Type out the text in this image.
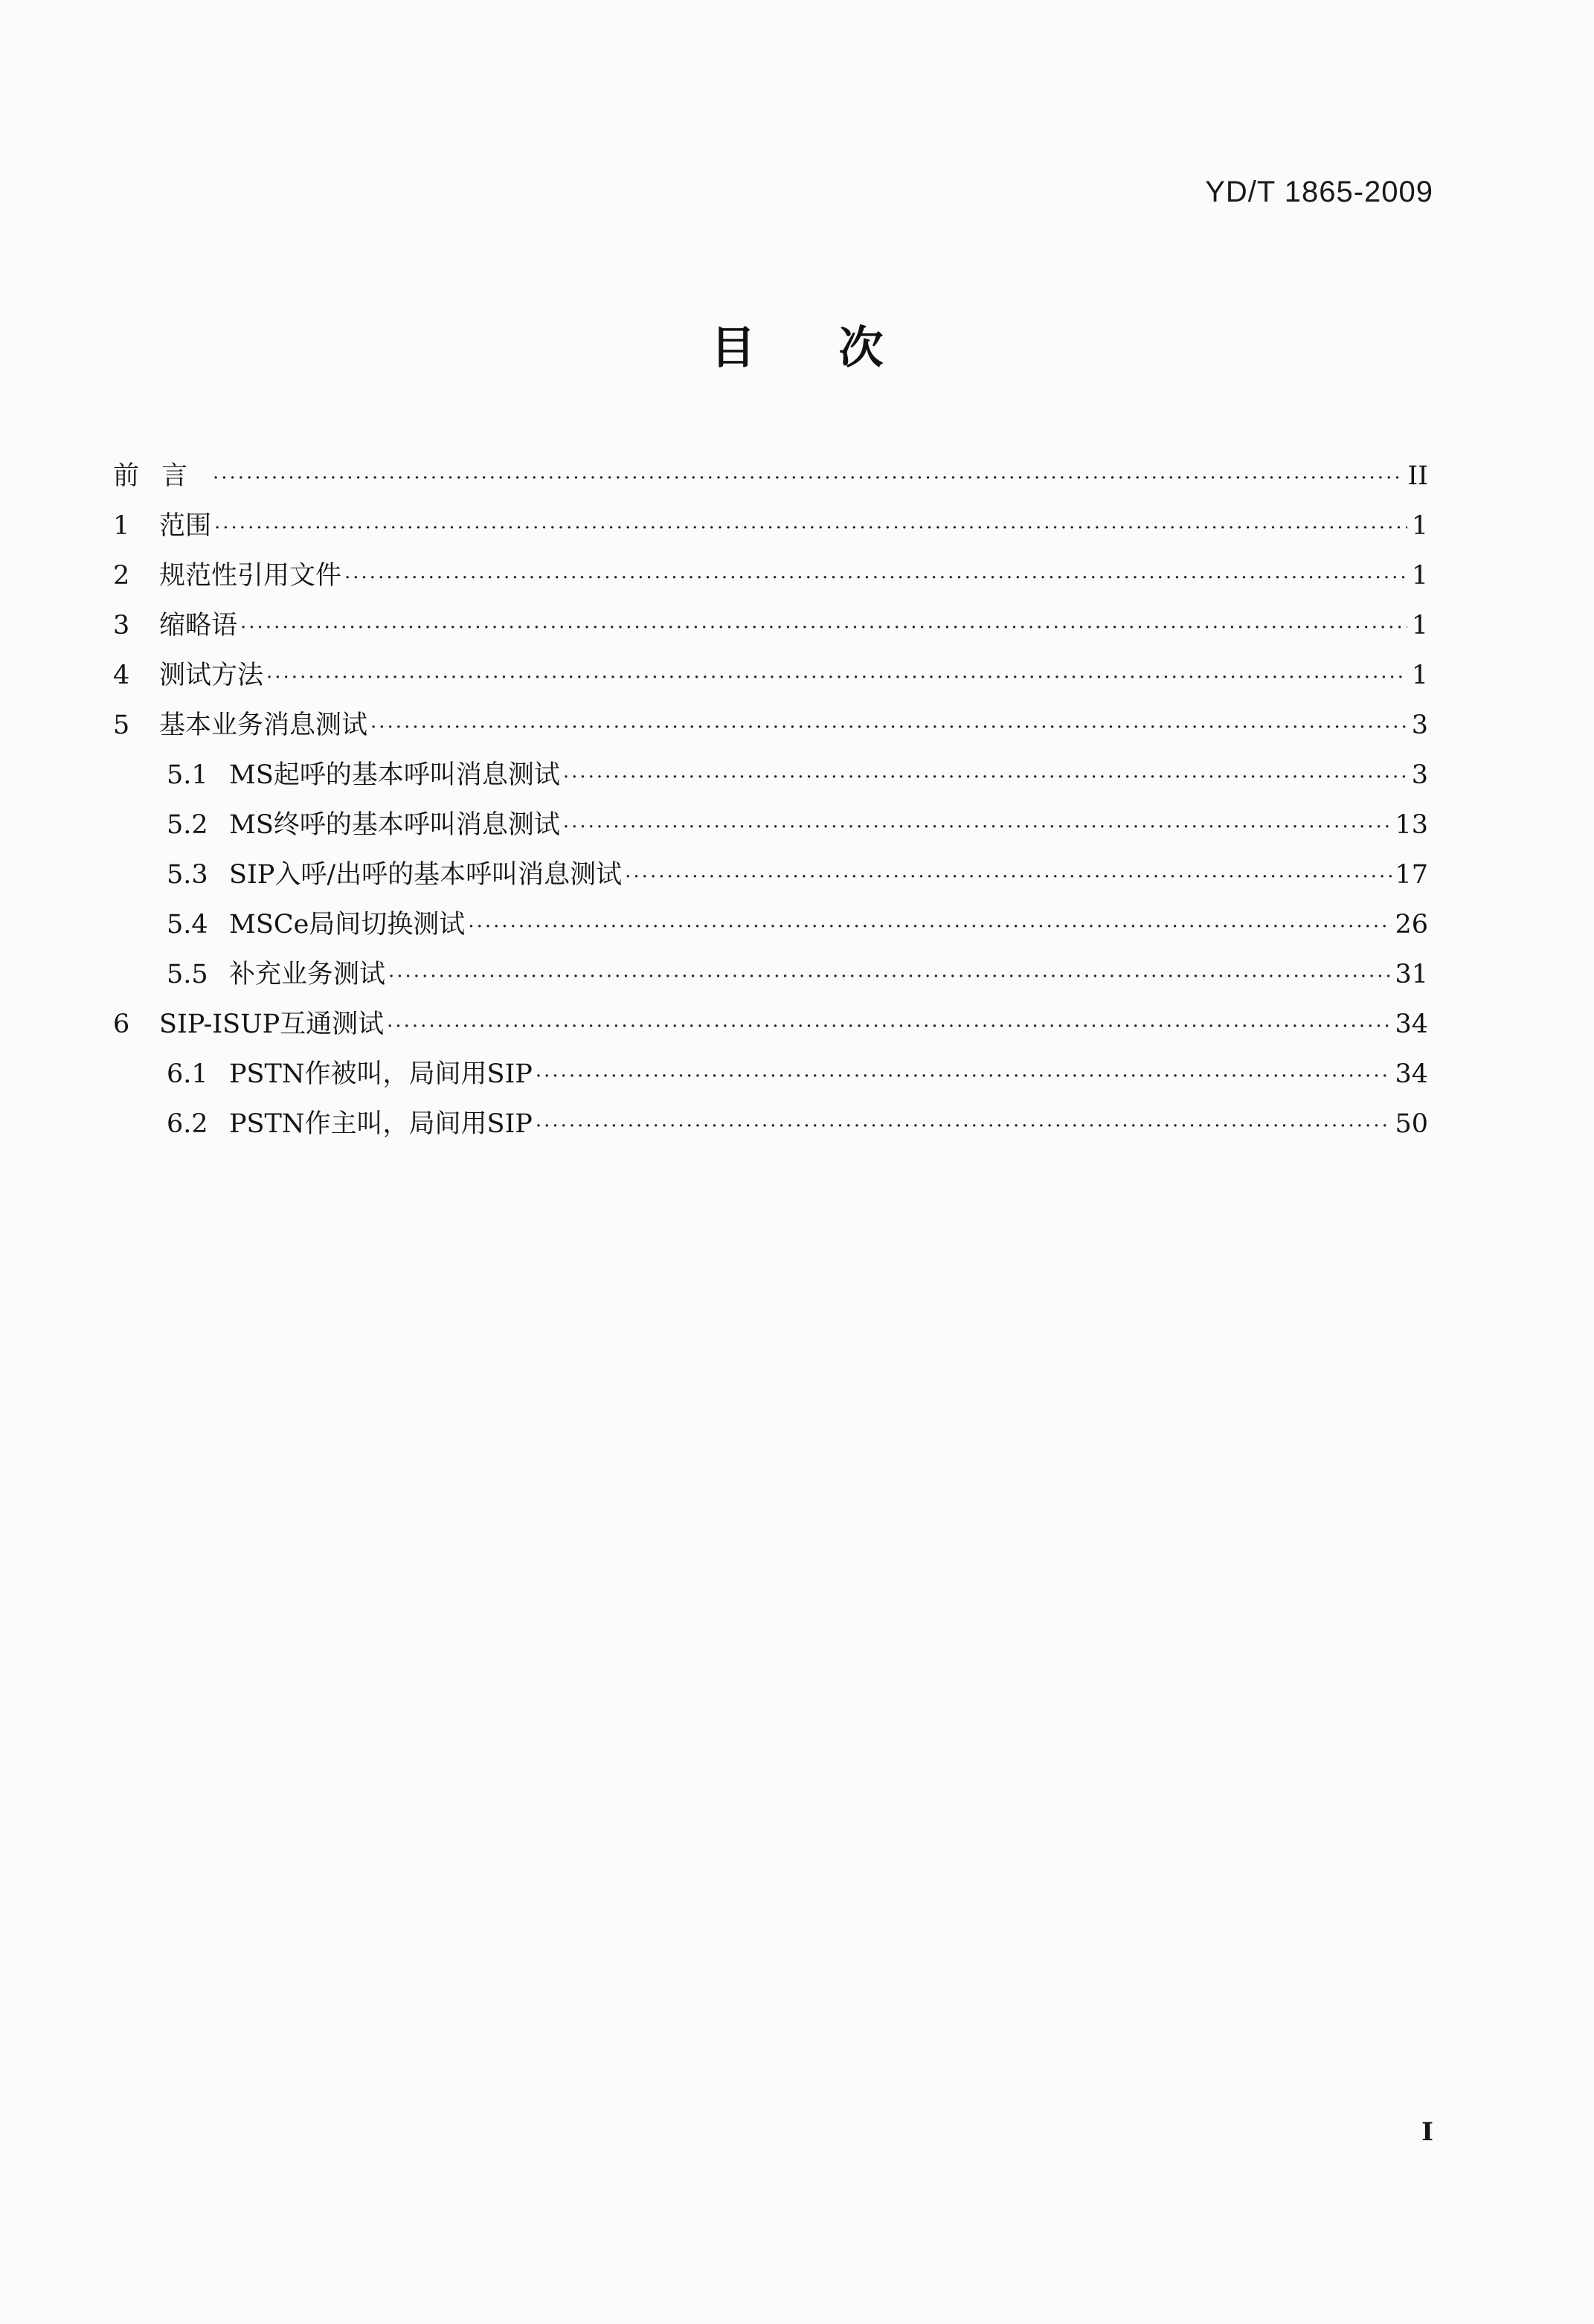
YD/T 1865-2009
目次
前言 ·····	II
1	范围 ·····	1
2	规范性引用文件 ·····	1
3	缩略语 ·····	1
4	测试方法 ·····	1
5	基本业务消息测试 ·····	3
5.1 MS起呼的基本呼叫消息测试 ·····	3
5.2 MS终呼的基本呼叫消息测试 ·····	13
5.3 SIP入呼/出呼的基本呼叫消息测试 ·····	17
5.4 MSCe局间切换测试 ·····	26
5.5 补充业务测试 ·····	31
6	SIP-ISUP互通测试 ·····	34
6.1 PSTN作被叫，局间用SIP ·····	34
6.2 PSTN作主叫，局间用SIP ·····	50
I
